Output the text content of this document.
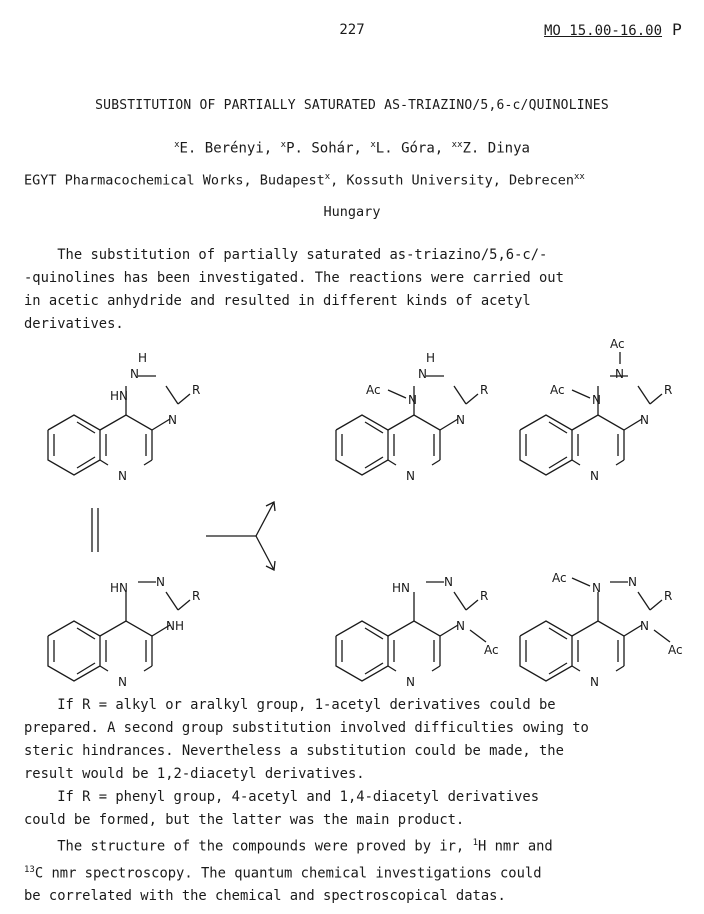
227	MO 15.00-16.00 P
SUBSTITUTION OF PARTIALLY SATURATED AS-TRIAZINO/5,6-c/QUINOLINES
$^x$E. Berényi, $^x$P. Sohár, $^x$L. Góra, $^{xx}$Z. Dinya
EGYT Pharmacochemical Works, Budapest$^x$, Kossuth University, Debrecen$^{xx}$
Hungary

The substitution of partially saturated as-triazino/5,6-c/-

-quinolines has been investigated. The reactions were carried out

in acetic anhydride and resulted in different kinds of acetyl

derivatives.

N
HN
H
N
N
R
N
N
Ac
H
N
N
R
N
N
Ac
Ac
N
N
R
N
HN N
NH
R
N
HN	N
N
Ac
R
N
N
Ac	N
N
Ac
R

If R = alkyl or aralkyl group, 1-acetyl derivatives could be

prepared. A second group substitution involved difficulties owing to

steric hindrances. Nevertheless a substitution could be made, the

result would be 1,2-diacetyl derivatives.

If R = phenyl group, 4-acetyl and 1,4-diacetyl derivatives

could be formed, but the latter was the main product.

The structure of the compounds were proved by ir, $^1$H nmr and

$^{13}$C nmr spectroscopy. The quantum chemical investigations could

be correlated with the chemical and spectroscopical datas.
